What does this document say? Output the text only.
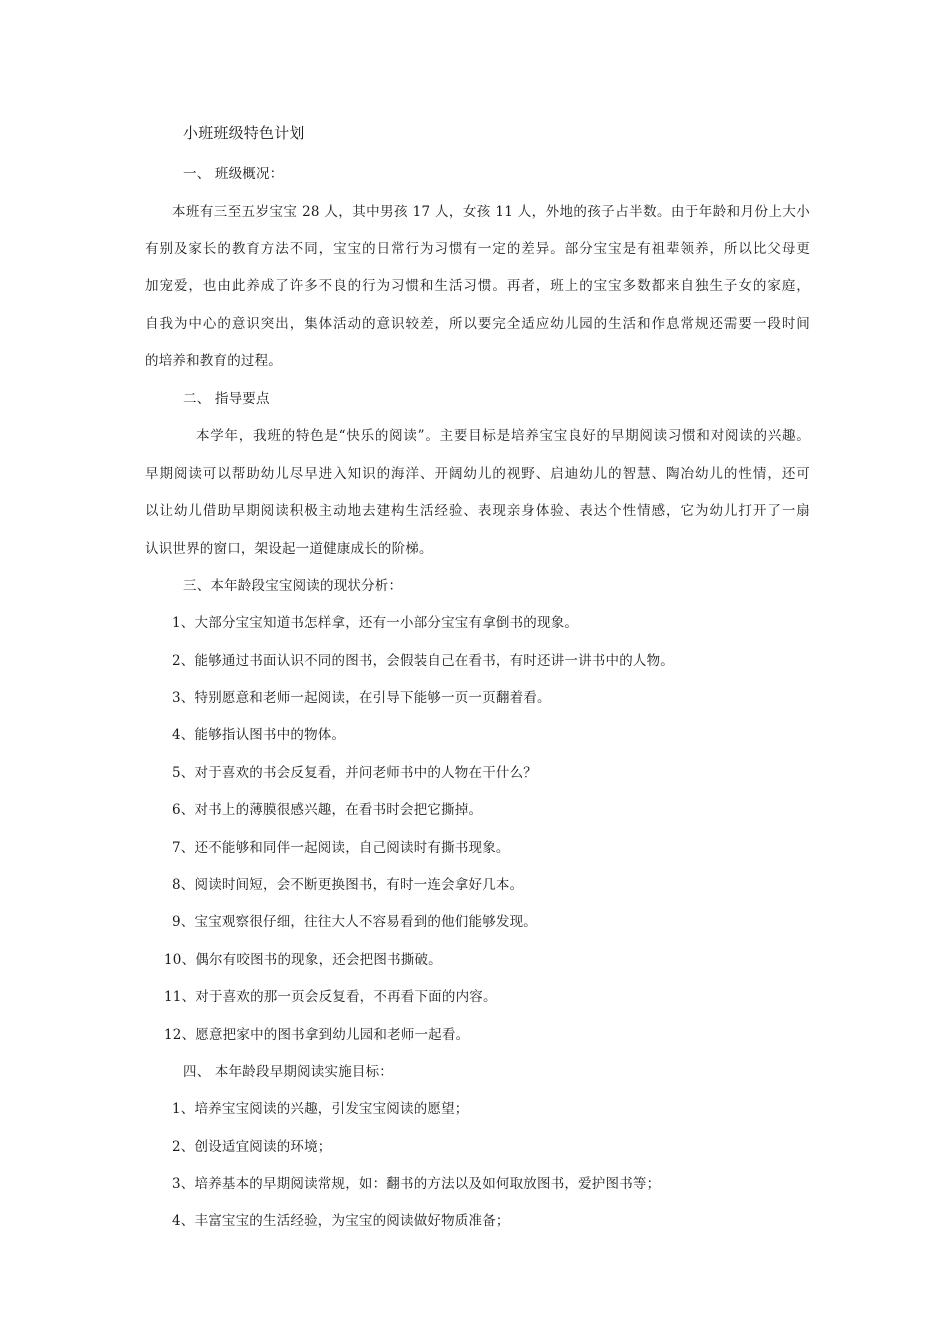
小班班级特色计划
一、 班级概况：
本班有三至五岁宝宝 28 人，其中男孩 17 人，女孩 11 人，外地的孩子占半数。由于年龄和月份上大小
有别及家长的教育方法不同，宝宝的日常行为习惯有一定的差异。部分宝宝是有祖辈领养，所以比父母更
加宠爱，也由此养成了许多不良的行为习惯和生活习惯。再者，班上的宝宝多数都来自独生子女的家庭，
自我为中心的意识突出，集体活动的意识较差，所以要完全适应幼儿园的生活和作息常规还需要一段时间
的培养和教育的过程。
二、 指导要点
本学年，我班的特色是“快乐的阅读”。主要目标是培养宝宝良好的早期阅读习惯和对阅读的兴趣。
早期阅读可以帮助幼儿尽早进入知识的海洋、开阔幼儿的视野、启迪幼儿的智慧、陶冶幼儿的性情，还可
以让幼儿借助早期阅读积极主动地去建构生活经验、表现亲身体验、表达个性情感，它为幼儿打开了一扇
认识世界的窗口，架设起一道健康成长的阶梯。
三、本年龄段宝宝阅读的现状分析：
1、大部分宝宝知道书怎样拿，还有一小部分宝宝有拿倒书的现象。
2、能够通过书面认识不同的图书，会假装自己在看书，有时还讲一讲书中的人物。
3、特别愿意和老师一起阅读，在引导下能够一页一页翻着看。
4、能够指认图书中的物体。
5、对于喜欢的书会反复看，并问老师书中的人物在干什么？
6、对书上的薄膜很感兴趣，在看书时会把它撕掉。
7、还不能够和同伴一起阅读，自己阅读时有撕书现象。
8、阅读时间短，会不断更换图书，有时一连会拿好几本。
9、宝宝观察很仔细，往往大人不容易看到的他们能够发现。
10、偶尔有咬图书的现象，还会把图书撕破。
11、对于喜欢的那一页会反复看，不再看下面的内容。
12、愿意把家中的图书拿到幼儿园和老师一起看。
四、 本年龄段早期阅读实施目标：
1、培养宝宝阅读的兴趣，引发宝宝阅读的愿望；
2、创设适宜阅读的环境；
3、培养基本的早期阅读常规，如：翻书的方法以及如何取放图书，爱护图书等；
4、丰富宝宝的生活经验，为宝宝的阅读做好物质准备；
